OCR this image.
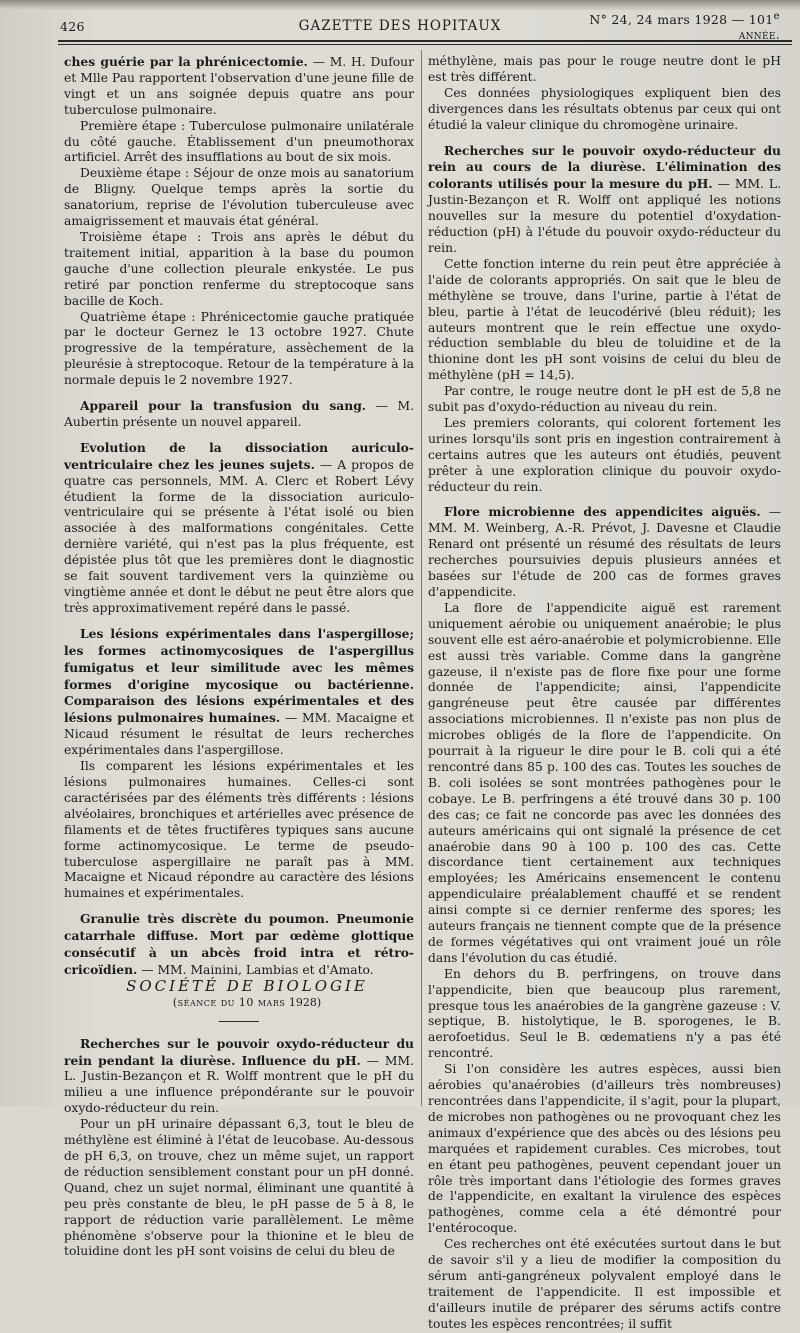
426	GAZETTE DES HOPITAUX	N° 24, 24 mars 1928 — 101e année.

ches guérie par la phrénicectomie. — M. H. Dufour et Mlle Pau rapportent l'observation d'une jeune fille de vingt et un ans soignée depuis quatre ans pour tuberculose pulmonaire.

Première étape : Tuberculose pulmonaire unilatérale du côté gauche. Établissement d'un pneumothorax artificiel. Arrêt des insufflations au bout de six mois.

Deuxième étape : Séjour de onze mois au sanatorium de Bligny. Quelque temps après la sortie du sanatorium, reprise de l'évolution tuberculeuse avec amaigrissement et mauvais état général.

Troisième étape : Trois ans après le début du traitement initial, apparition à la base du poumon gauche d'une collection pleurale enkystée. Le pus retiré par ponction renferme du streptocoque sans bacille de Koch.

Quatrième étape : Phrénicectomie gauche pratiquée par le docteur Gernez le 13 octobre 1927. Chute progressive de la température, assèchement de la pleurésie à streptocoque. Retour de la température à la normale depuis le 2 novembre 1927.

Appareil pour la transfusion du sang. — M. Aubertin présente un nouvel appareil.

Evolution de la dissociation auriculo-ventriculaire chez les jeunes sujets. — A propos de quatre cas personnels, MM. A. Clerc et Robert Lévy étudient la forme de la dissociation auriculo-ventriculaire qui se présente à l'état isolé ou bien associée à des malformations congénitales. Cette dernière variété, qui n'est pas la plus fréquente, est dépistée plus tôt que les premières dont le diagnostic se fait souvent tardivement vers la quinzième ou vingtième année et dont le début ne peut être alors que très approximativement repéré dans le passé.

Les lésions expérimentales dans l'aspergillose; les formes actinomycosiques de l'aspergillus fumigatus et leur similitude avec les mêmes formes d'origine mycosique ou bactérienne. Comparaison des lésions expérimentales et des lésions pulmonaires humaines. — MM. Macaigne et Nicaud résument le résultat de leurs recherches expérimentales dans l'aspergillose.

Ils comparent les lésions expérimentales et les lésions pulmonaires humaines. Celles-ci sont caractérisées par des éléments très différents : lésions alvéolaires, bronchiques et artérielles avec présence de filaments et de têtes fructifères typiques sans aucune forme actinomycosique. Le terme de pseudo-tuberculose aspergillaire ne paraît pas à MM. Macaigne et Nicaud répondre au caractère des lésions humaines et expérimentales.

Granulie très discrète du poumon. Pneumonie catarrhale diffuse. Mort par œdème glottique consécutif à un abcès froid intra et rétro-cricoïdien. — MM. Mainini, Lambias et d'Amato.

SOCIÉTÉ DE BIOLOGIE

(séance du 10 mars 1928)

Recherches sur le pouvoir oxydo-réducteur du rein pendant la diurèse. Influence du pH. — MM. L. Justin-Bezançon et R. Wolff montrent que le pH du milieu a une influence prépondérante sur le pouvoir oxydo-réducteur du rein.

Pour un pH urinaire dépassant 6,3, tout le bleu de méthylène est éliminé à l'état de leucobase. Au-dessous de pH 6,3, on trouve, chez un même sujet, un rapport de réduction sensiblement constant pour un pH donné. Quand, chez un sujet normal, éliminant une quantité à peu près constante de bleu, le pH passe de 5 à 8, le rapport de réduction varie parallèlement. Le même phénomène s'observe pour la thionine et le bleu de toluidine dont les pH sont voisins de celui du bleu de

méthylène, mais pas pour le rouge neutre dont le pH est très différent.

Ces données physiologiques expliquent bien des divergences dans les résultats obtenus par ceux qui ont étudié la valeur clinique du chromogène urinaire.

Recherches sur le pouvoir oxydo-réducteur du rein au cours de la diurèse. L'élimination des colorants utilisés pour la mesure du pH. — MM. L. Justin-Bezançon et R. Wolff ont appliqué les notions nouvelles sur la mesure du potentiel d'oxydation-réduction (pH) à l'étude du pouvoir oxydo-réducteur du rein.

Cette fonction interne du rein peut être appréciée à l'aide de colorants appropriés. On sait que le bleu de méthylène se trouve, dans l'urine, partie à l'état de bleu, partie à l'état de leucodérivé (bleu réduit); les auteurs montrent que le rein effectue une oxydo-réduction semblable du bleu de toluidine et de la thionine dont les pH sont voisins de celui du bleu de méthylène (pH = 14,5).

Par contre, le rouge neutre dont le pH est de 5,8 ne subit pas d'oxydo-réduction au niveau du rein.

Les premiers colorants, qui colorent fortement les urines lorsqu'ils sont pris en ingestion contrairement à certains autres que les auteurs ont étudiés, peuvent prêter à une exploration clinique du pouvoir oxydo-réducteur du rein.

Flore microbienne des appendicites aiguës. — MM. M. Weinberg, A.-R. Prévot, J. Davesne et Claudie Renard ont présenté un résumé des résultats de leurs recherches poursuivies depuis plusieurs années et basées sur l'étude de 200 cas de formes graves d'appendicite.

La flore de l'appendicite aiguë est rarement uniquement aérobie ou uniquement anaérobie; le plus souvent elle est aéro-anaérobie et polymicrobienne. Elle est aussi très variable. Comme dans la gangrène gazeuse, il n'existe pas de flore fixe pour une forme donnée de l'appendicite; ainsi, l'appendicite gangréneuse peut être causée par différentes associations microbiennes. Il n'existe pas non plus de microbes obligés de la flore de l'appendicite. On pourrait à la rigueur le dire pour le B. coli qui a été rencontré dans 85 p. 100 des cas. Toutes les souches de B. coli isolées se sont montrées pathogènes pour le cobaye. Le B. perfringens a été trouvé dans 30 p. 100 des cas; ce fait ne concorde pas avec les données des auteurs américains qui ont signalé la présence de cet anaérobie dans 90 à 100 p. 100 des cas. Cette discordance tient certainement aux techniques employées; les Américains ensemencent le contenu appendiculaire préalablement chauffé et se rendent ainsi compte si ce dernier renferme des spores; les auteurs français ne tiennent compte que de la présence de formes végétatives qui ont vraiment joué un rôle dans l'évolution du cas étudié.

En dehors du B. perfringens, on trouve dans l'appendicite, bien que beaucoup plus rarement, presque tous les anaérobies de la gangrène gazeuse : V. septique, B. histolytique, le B. sporogenes, le B. aerofoetidus. Seul le B. œdematiens n'y a pas été rencontré.

Si l'on considère les autres espèces, aussi bien aérobies qu'anaérobies (d'ailleurs très nombreuses) rencontrées dans l'appendicite, il s'agit, pour la plupart, de microbes non pathogènes ou ne provoquant chez les animaux d'expérience que des abcès ou des lésions peu marquées et rapidement curables. Ces microbes, tout en étant peu pathogènes, peuvent cependant jouer un rôle très important dans l'étiologie des formes graves de l'appendicite, en exaltant la virulence des espèces pathogènes, comme cela a été démontré pour l'entérocoque.

Ces recherches ont été exécutées surtout dans le but de savoir s'il y a lieu de modifier la composition du sérum anti-gangréneux polyvalent employé dans le traitement de l'appendicite. Il est impossible et d'ailleurs inutile de préparer des sérums actifs contre toutes les espèces rencontrées; il suffit
